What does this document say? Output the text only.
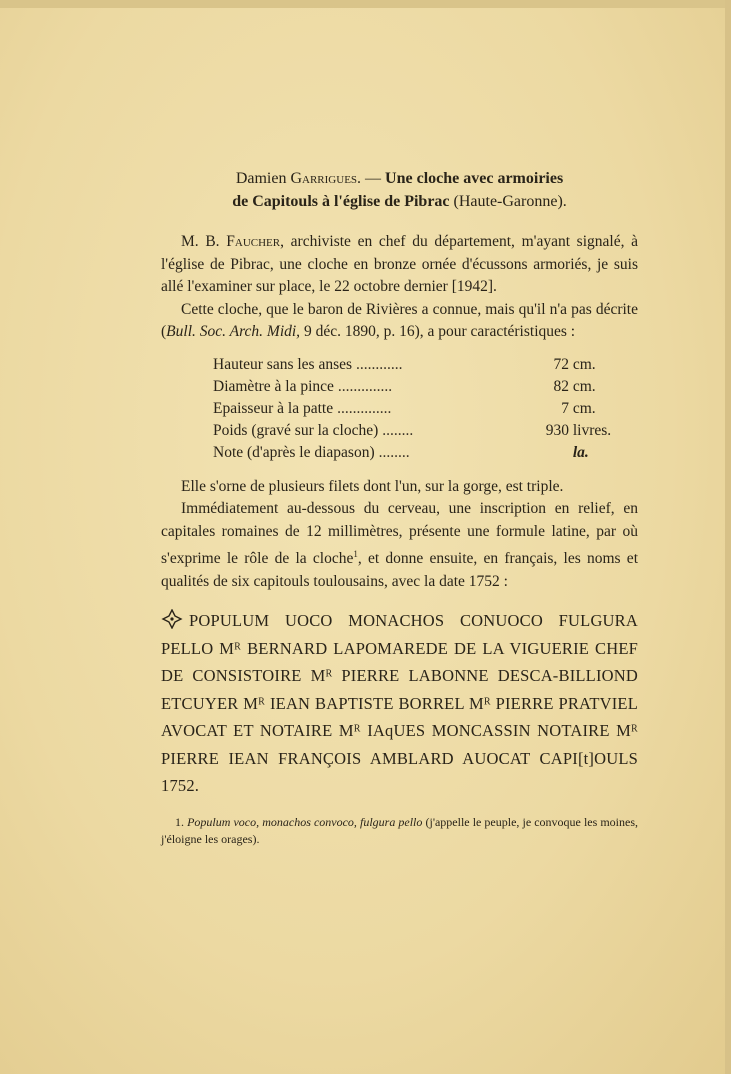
Damien Garrigues. — Une cloche avec armoiries
de Capitouls à l'église de Pibrac (Haute-Garonne).

M. B. Faucher, archiviste en chef du département, m'ayant signalé, à l'église de Pibrac, une cloche en bronze ornée d'écussons armoriés, je suis allé l'examiner sur place, le 22 octobre dernier [1942].

Cette cloche, que le baron de Rivières a connue, mais qu'il n'a pas décrite (Bull. Soc. Arch. Midi, 9 déc. 1890, p. 16), a pour caractéristiques :

Hauteur sans les anses ............	72 cm.
Diamètre à la pince ..............	82 cm.
Epaisseur à la patte ..............	7 cm.
Poids (gravé sur la cloche) ........	930 livres.
Note (d'après le diapason) ........	la.

Elle s'orne de plusieurs filets dont l'un, sur la gorge, est triple.

Immédiatement au-dessous du cerveau, une inscription en relief, en capitales romaines de 12 millimètres, présente une formule latine, par où s'exprime le rôle de la cloche$^1$, et donne ensuite, en français, les noms et qualités de six capitouls toulousains, avec la date 1752 :

POPULUM UOCO MONACHOS CONUOCO FULGURA PELLO Mᴿ BERNARD LAPOMAREDE DE LA VIGUERIE CHEF DE CONSISTOIRE Mᴿ PIERRE LABONNE DESCA-BILLIOND ETCUYER Mᴿ IEAN BAPTISTE BORREL Mᴿ PIERRE PRATVIEL AVOCAT ET NOTAIRE Mᴿ IAqUES MONCASSIN NOTAIRE Mᴿ PIERRE IEAN FRANÇOIS AMBLARD AUOCAT CAPI[t]OULS 1752.

1. Populum voco, monachos convoco, fulgura pello (j'appelle le peuple, je convoque les moines, j'éloigne les orages).
